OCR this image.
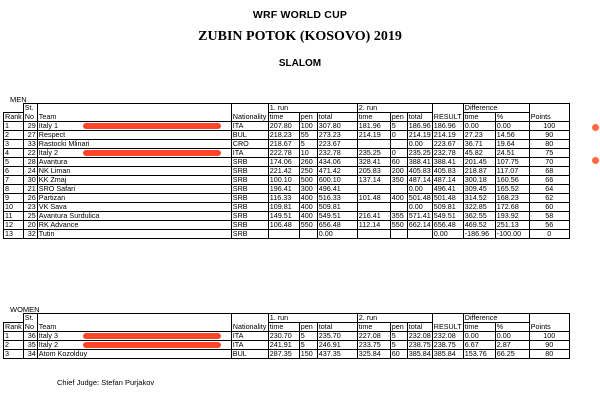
WRF WORLD CUP
ZUBIN POTOK (KOSOVO) 2019
SLALOM
MEN
	St.			1. run			2. run				Difference		
Rank	No	Team	Nationality	time	pen	total	time	pen	total	RESULT	time	%	Points
1	29	Italy 1	ITA	207.80	100	307.80	181.96	5	186.96	186.96	0.00	0.00	100
2	27	Respect	BUL	218.23	55	273.23	214.19	0	214.19	214.19	27.23	14.56	90
3	33	Rastocki Mlinari	CRO	218.67	5	223.67			0.00	223.67	36.71	19.64	80
4	22	Italy 2	ITA	222.78	10	232.78	235.25	0	235.25	232.78	45.82	24.51	75
5	28	Avantura	SRB	174.06	260	434.06	328.41	60	388.41	388.41	201.45	107.75	70
6	24	NK Liman	SRB	221.42	250	471.42	205.83	200	405.83	405.83	218.87	117.07	68
7	30	KK Zmaj	SRB	100.10	500	600.10	137.14	350	487.14	487.14	300.18	160.56	66
8	21	SRO Safari	SRB	196.41	300	496.41			0.00	496.41	309.45	165.52	64
9	26	Partizan	SRB	116.33	400	516.33	101.48	400	501.48	501.48	314.52	168.23	62
10	23	VK Sava	SRB	109.81	400	509.81			0.00	509.81	322.85	172.68	60
11	25	Avantura Surdulica	SRB	149.51	400	549.51	216.41	355	571.41	549.51	362.55	193.92	58
12	20	RK Advance	SRB	106.48	550	656.48	112.14	550	662.14	656.48	469.52	251.13	56
13	32	Tutin	SRB			0.00				0.00	-186.96	-100.00	0
WOMEN
	St.			1. run			2. run				Difference		
Rank	No	Team	Nationality	time	pen	total	time	pen	total	RESULT	time	%	Points
1	36	Italy 3	ITA	230.70	5	235.70	227.08	5	232.08	232.08	0.00	0.00	100
2	35	Italy 2	ITA	241.91	5	246.91	233.75	5	238.75	238.75	6.67	2.87	90
3	34	Atom Kozolduy	BUL	287.35	150	437.35	325.84	60	385.84	385.84	153.76	66.25	80
Chief Judge: Stefan Purjakov
